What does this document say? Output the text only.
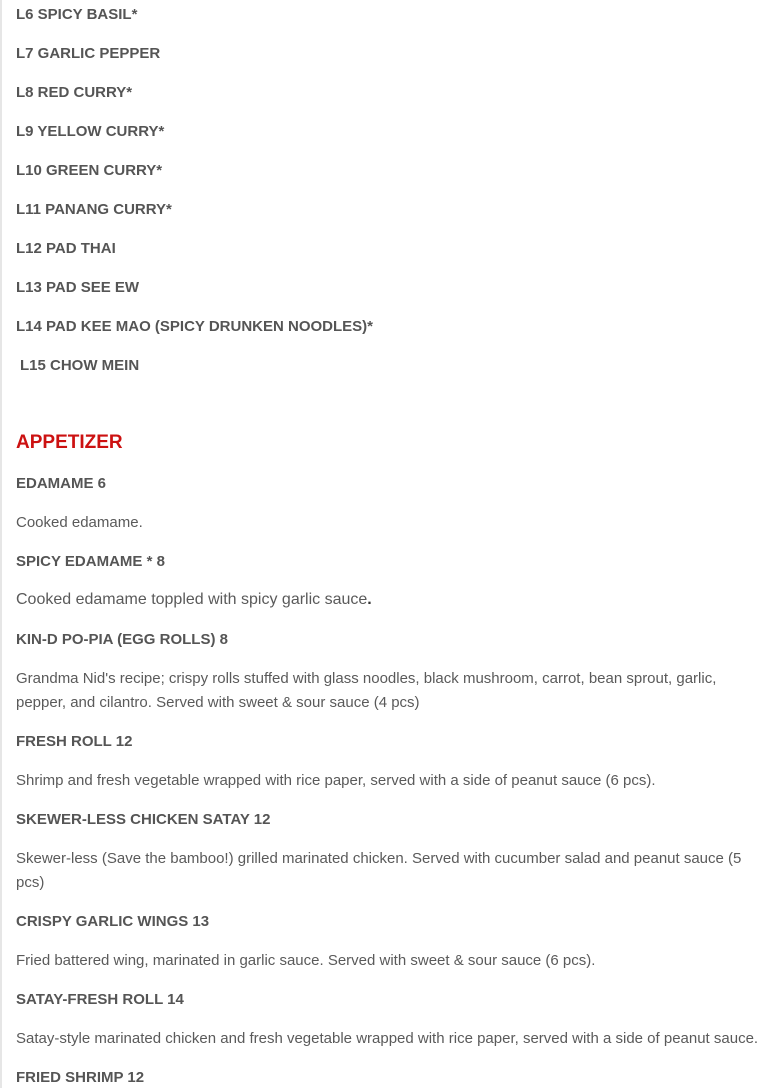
L6 SPICY BASIL*
L7 GARLIC PEPPER
L8 RED CURRY*
L9 YELLOW CURRY*
L10 GREEN CURRY*
L11 PANANG CURRY*
L12 PAD THAI
L13 PAD SEE EW
L14 PAD KEE MAO (SPICY DRUNKEN NOODLES)*
L15 CHOW MEIN
APPETIZER
EDAMAME 6
Cooked edamame.
SPICY EDAMAME * 8
Cooked edamame toppled with spicy garlic sauce.
KIN-D PO-PIA (EGG ROLLS) 8
Grandma Nid's recipe; crispy rolls stuffed with glass noodles, black mushroom, carrot, bean sprout, garlic, pepper, and cilantro. Served with sweet & sour sauce (4 pcs)
FRESH ROLL 12
Shrimp and fresh vegetable wrapped with rice paper, served with a side of peanut sauce (6 pcs).
SKEWER-LESS CHICKEN SATAY 12
Skewer-less (Save the bamboo!) grilled marinated chicken. Served with cucumber salad and peanut sauce (5 pcs)
CRISPY GARLIC WINGS 13
Fried battered wing, marinated in garlic sauce. Served with sweet & sour sauce (6 pcs).
SATAY-FRESH ROLL 14
Satay-style marinated chicken and fresh vegetable wrapped with rice paper, served with a side of peanut sauce.
FRIED SHRIMP 12
